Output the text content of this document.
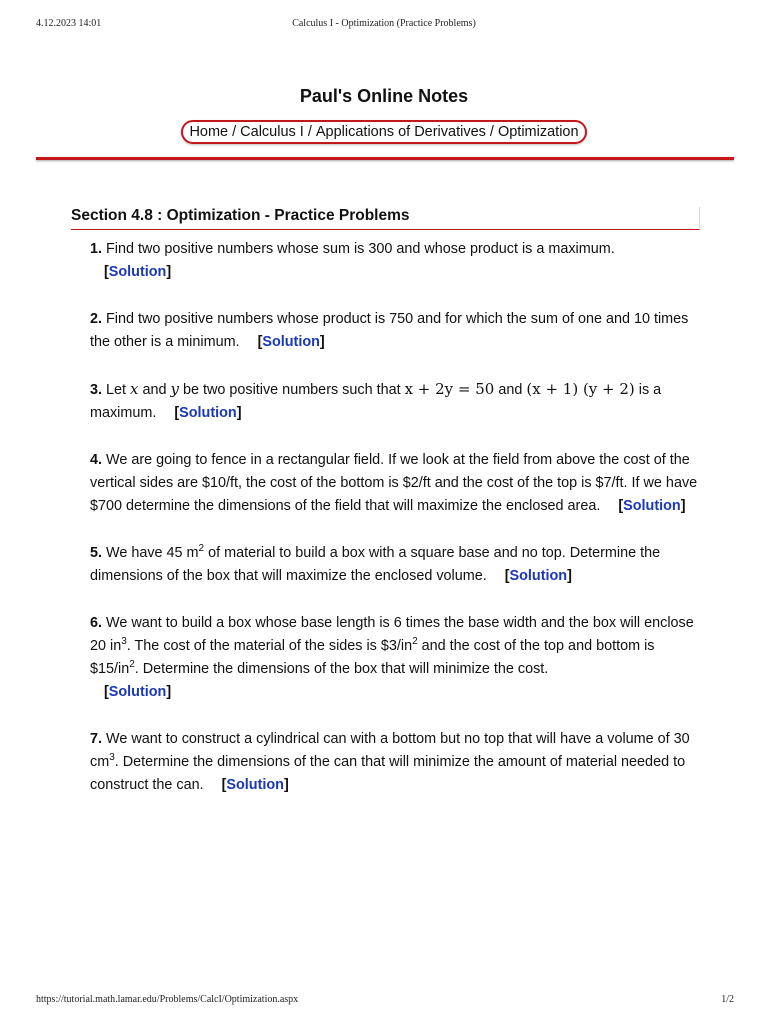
4.12.2023 14:01	Calculus I - Optimization (Practice Problems)
Paul's Online Notes
Home / Calculus I / Applications of Derivatives / Optimization
Section 4.8 : Optimization - Practice Problems
1. Find two positive numbers whose sum is 300 and whose product is a maximum.
[Solution]
2. Find two positive numbers whose product is 750 and for which the sum of one and 10 times the other is a minimum. [Solution]
3. Let x and y be two positive numbers such that x + 2y = 50 and (x + 1) (y + 2) is a maximum. [Solution]
4. We are going to fence in a rectangular field. If we look at the field from above the cost of the vertical sides are $10/ft, the cost of the bottom is $2/ft and the cost of the top is $7/ft. If we have $700 determine the dimensions of the field that will maximize the enclosed area. [Solution]
5. We have 45 $m^2$ of material to build a box with a square base and no top. Determine the dimensions of the box that will maximize the enclosed volume. [Solution]
6. We want to build a box whose base length is 6 times the base width and the box will enclose 20 $in^3$. The cost of the material of the sides is $\$3/in^2$ and the cost of the top and bottom is $\$15/in^2$. Determine the dimensions of the box that will minimize the cost.
[Solution]
7. We want to construct a cylindrical can with a bottom but no top that will have a volume of 30 $cm^3$. Determine the dimensions of the can that will minimize the amount of material needed to construct the can. [Solution]
https://tutorial.math.lamar.edu/Problems/CalcI/Optimization.aspx	1/2
